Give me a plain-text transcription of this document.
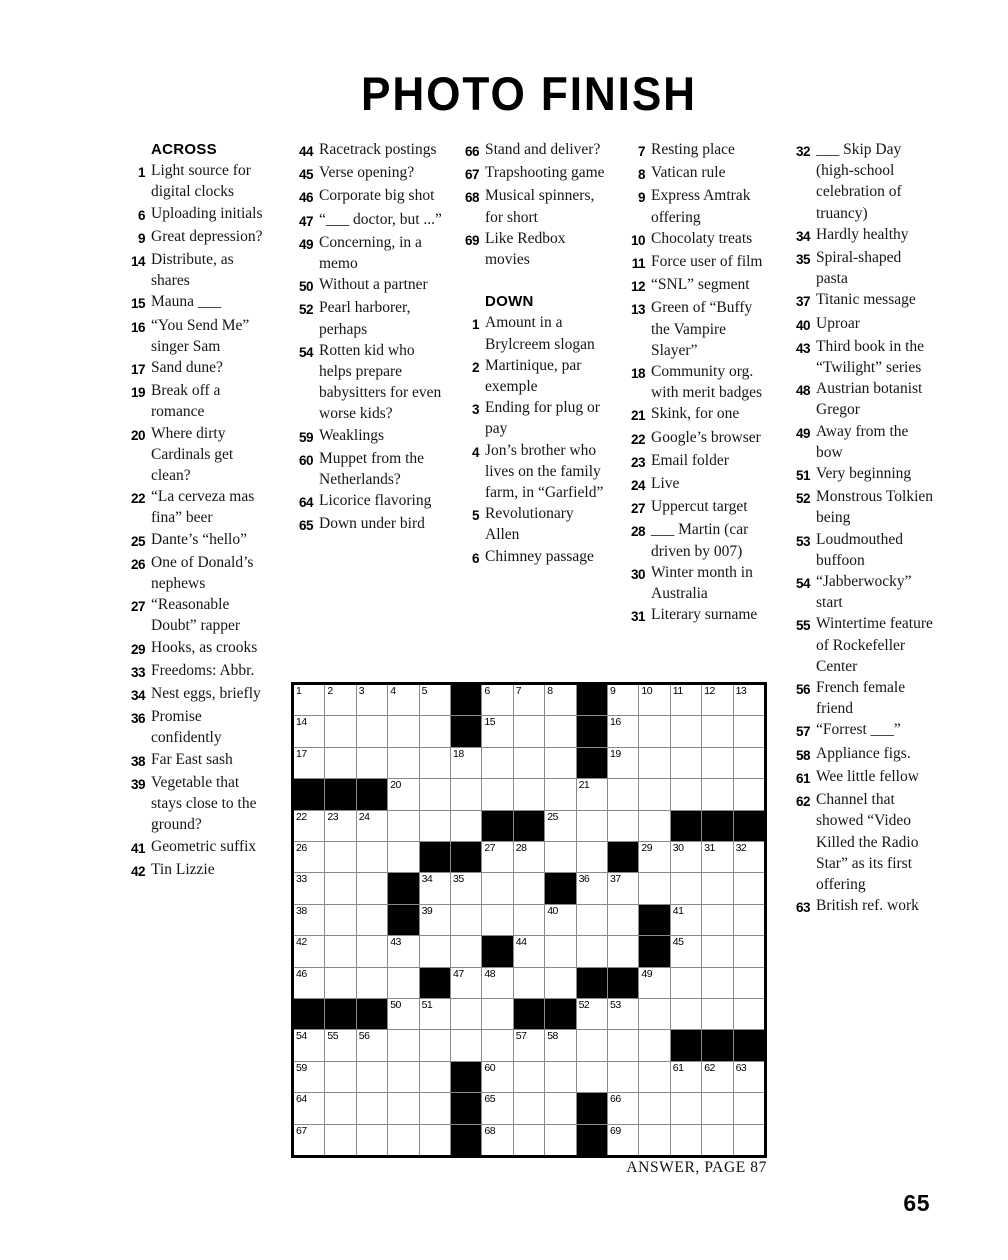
PHOTO FINISH
ACROSS
1 Light source for digital clocks
6 Uploading initials
9 Great depression?
14 Distribute, as shares
15 Mauna ___
16 “You Send Me” singer Sam
17 Sand dune?
19 Break off a romance
20 Where dirty Cardinals get clean?
22 “La cerveza mas fina” beer
25 Dante’s “hello”
26 One of Donald’s nephews
27 “Reasonable Doubt” rapper
29 Hooks, as crooks
33 Freedoms: Abbr.
34 Nest eggs, briefly
36 Promise confidently
38 Far East sash
39 Vegetable that stays close to the ground?
41 Geometric suffix
42 Tin Lizzie
44 Racetrack postings
45 Verse opening?
46 Corporate big shot
47 “___ doctor, but ...”
49 Concerning, in a memo
50 Without a partner
52 Pearl harborer, perhaps
54 Rotten kid who helps prepare babysitters for even worse kids?
59 Weaklings
60 Muppet from the Netherlands?
64 Licorice flavoring
65 Down under bird
66 Stand and deliver?
67 Trapshooting game
68 Musical spinners, for short
69 Like Redbox movies
DOWN
1 Amount in a Brylcreem slogan
2 Martinique, par exemple
3 Ending for plug or pay
4 Jon’s brother who lives on the family farm, in “Garfield”
5 Revolutionary Allen
6 Chimney passage
7 Resting place
8 Vatican rule
9 Express Amtrak offering
10 Chocolaty treats
11 Force user of film
12 “SNL” segment
13 Green of “Buffy the Vampire Slayer”
18 Community org. with merit badges
21 Skink, for one
22 Google’s browser
23 Email folder
24 Live
27 Uppercut target
28 ___ Martin (car driven by 007)
30 Winter month in Australia
31 Literary surname
32 ___ Skip Day (high-school celebration of truancy)
34 Hardly healthy
35 Spiral-shaped pasta
37 Titanic message
40 Uproar
43 Third book in the “Twilight” series
48 Austrian botanist Gregor
49 Away from the bow
51 Very beginning
52 Monstrous Tolkien being
53 Loudmouthed buffoon
54 “Jabberwocky” start
55 Wintertime feature of Rockefeller Center
56 French female friend
57 “Forrest ___”
58 Appliance figs.
61 Wee little fellow
62 Channel that showed “Video Killed the Radio Star” as its first offering
63 British ref. work
1 2 3 4 5	6 7 8	9 10 11 12 13
14	15	16
17	18	19
20	21
22 23 24	25
26	27 28	29 30 31 32
33	34 35	36 37
38	39	40	41
42	43	44	45
46	47 48	49
50 51	52 53
54 55 56	57 58
59	60	61 62 63
64	65	66
67	68	69
ANSWER, PAGE 87
65
